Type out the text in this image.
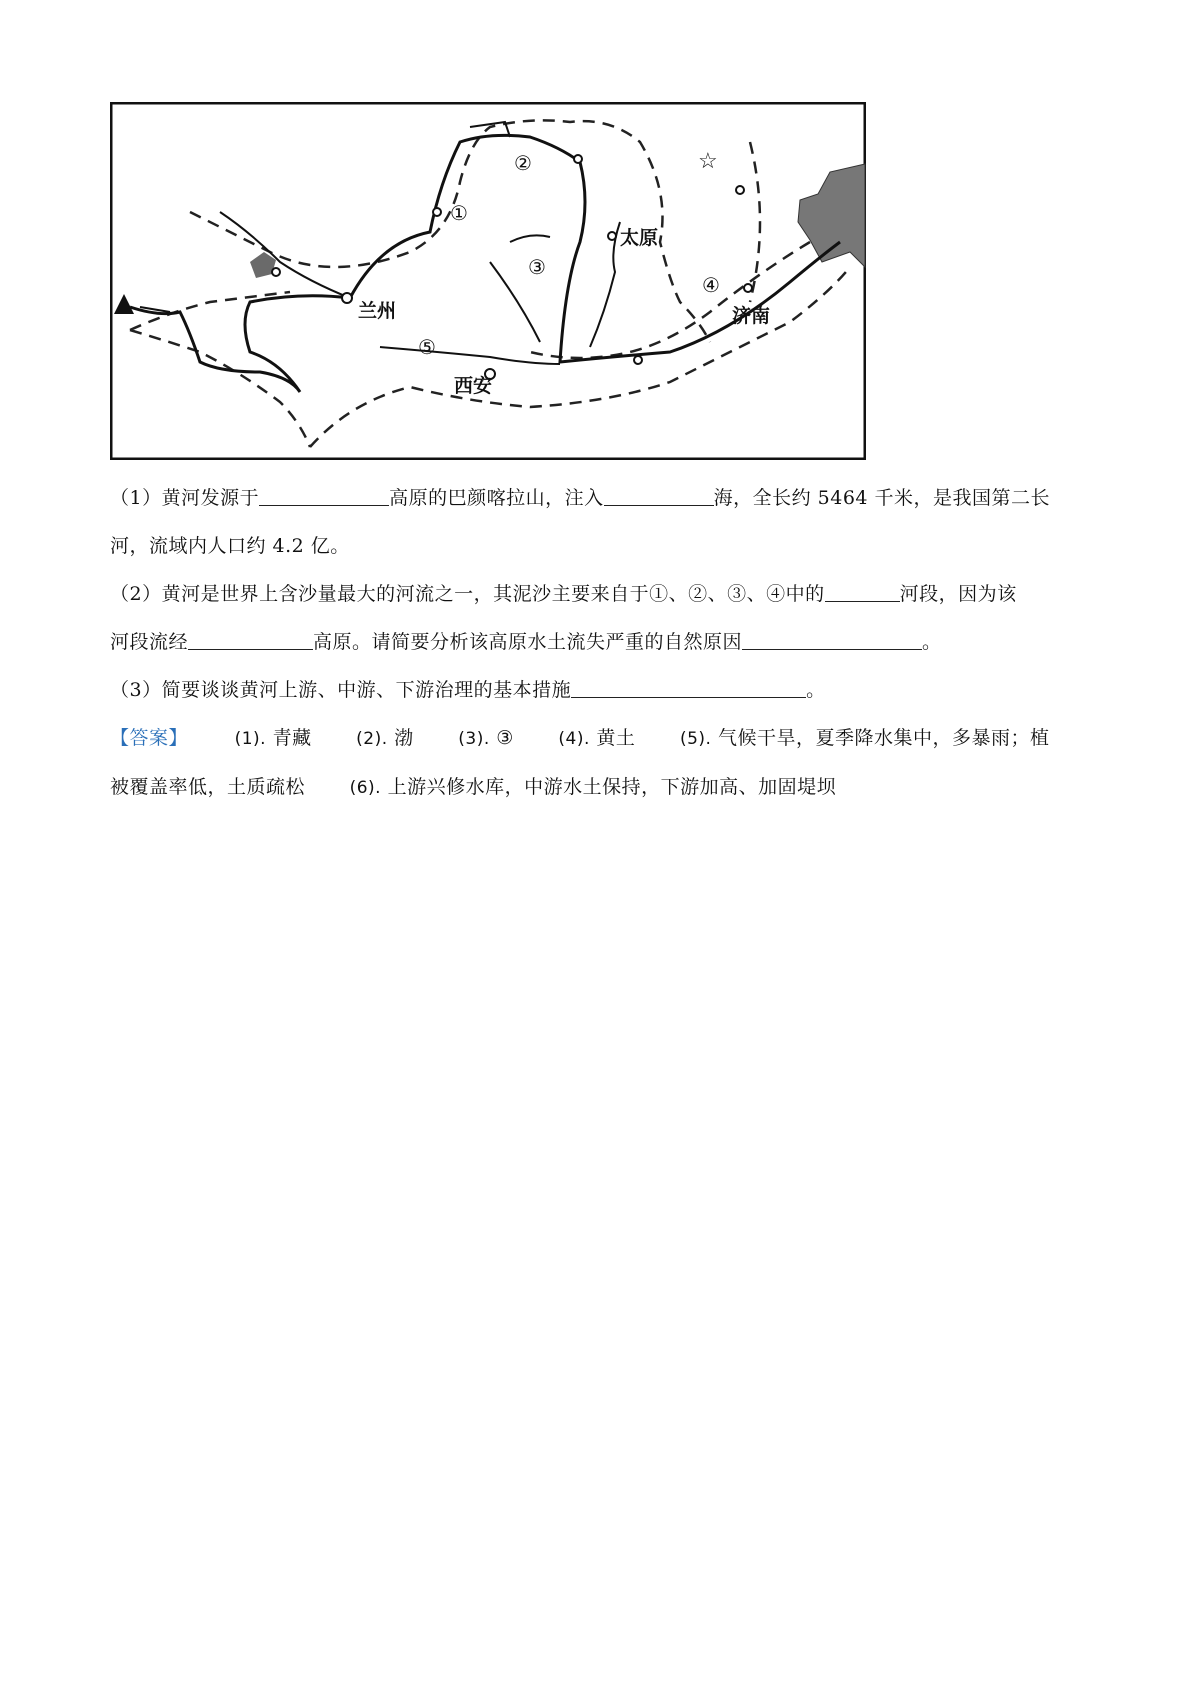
☆
①
②
③
④
⑤
太原
兰州	济南
西安
（1）黄河发源于	高原的巴颜喀拉山，注入	海，全长约 5464 千米，是我国第二长
河，流域内人口约 4.2 亿。
（2）黄河是世界上含沙量最大的河流之一，其泥沙主要来自于①、②、③、④中的	河段，因为该
河段流经	高原。请简要分析该高原水土流失严重的自然原因	。
（3）简要谈谈黄河上游、中游、下游治理的基本措施	。
【答案】	(1). 青藏	(2). 渤	(3). ③	(4). 黄土	(5). 气候干旱，夏季降水集中，多暴雨；植
被覆盖率低，土质疏松	(6). 上游兴修水库，中游水土保持，下游加高、加固堤坝
